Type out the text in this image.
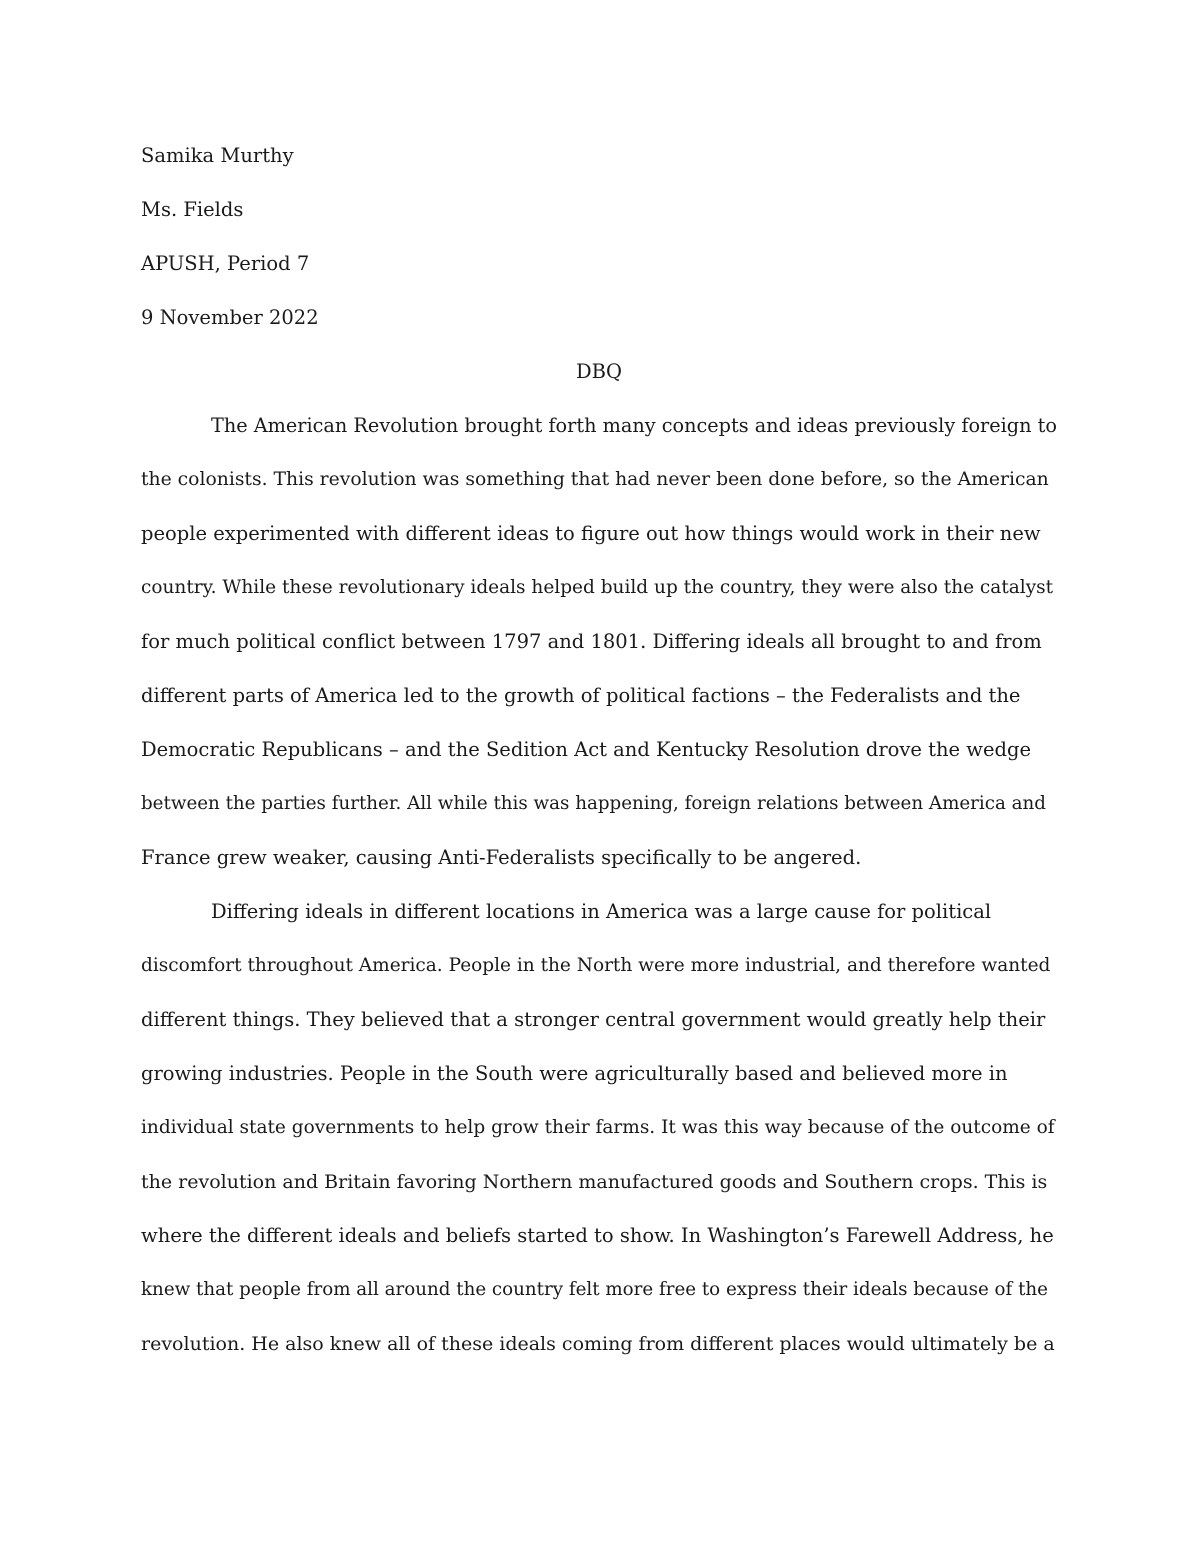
Samika Murthy
Ms. Fields
APUSH, Period 7
9 November 2022
DBQ
The American Revolution brought forth many concepts and ideas previously foreign to
the colonists. This revolution was something that had never been done before, so the American
people experimented with different ideas to figure out how things would work in their new
country. While these revolutionary ideals helped build up the country, they were also the catalyst
for much political conflict between 1797 and 1801. Differing ideals all brought to and from
different parts of America led to the growth of political factions – the Federalists and the
Democratic Republicans – and the Sedition Act and Kentucky Resolution drove the wedge
between the parties further. All while this was happening, foreign relations between America and
France grew weaker, causing Anti-Federalists specifically to be angered.
Differing ideals in different locations in America was a large cause for political
discomfort throughout America. People in the North were more industrial, and therefore wanted
different things. They believed that a stronger central government would greatly help their
growing industries. People in the South were agriculturally based and believed more in
individual state governments to help grow their farms. It was this way because of the outcome of
the revolution and Britain favoring Northern manufactured goods and Southern crops. This is
where the different ideals and beliefs started to show. In Washington’s Farewell Address, he
knew that people from all around the country felt more free to express their ideals because of the
revolution. He also knew all of these ideals coming from different places would ultimately be a
